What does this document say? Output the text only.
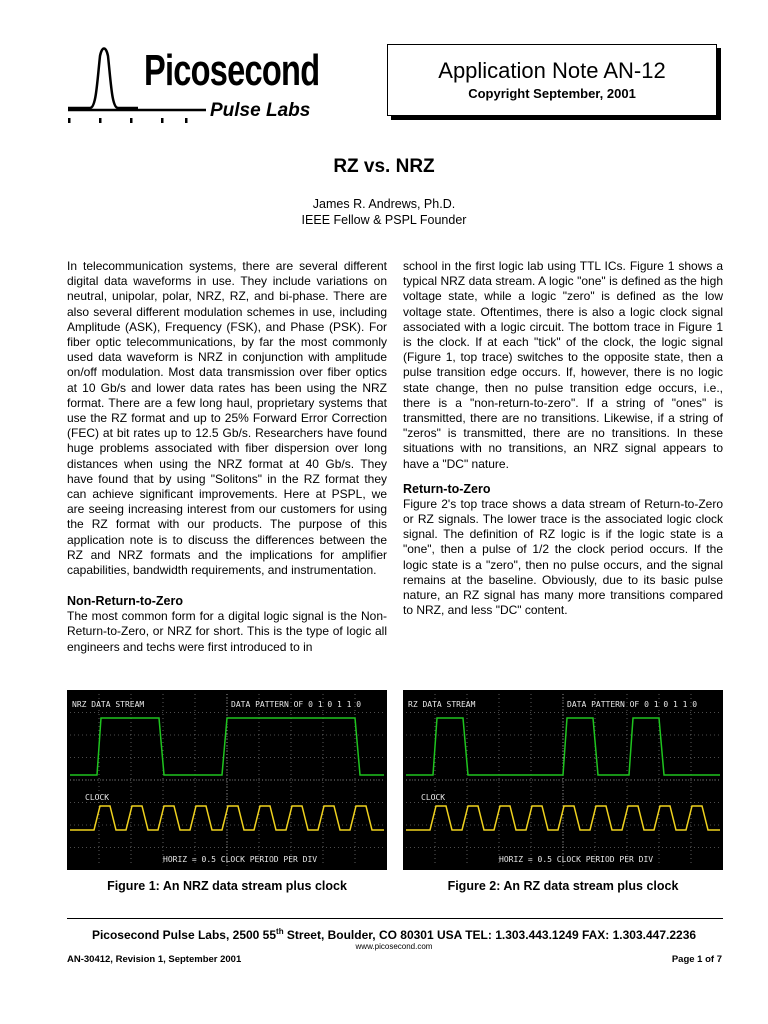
Picosecond
Pulse Labs
Application Note AN-12
Copyright September, 2001
RZ vs. NRZ
James R. Andrews, Ph.D.
IEEE Fellow & PSPL Founder

In telecommunication systems, there are several different digital data waveforms in use. They include variations on neutral, unipolar, polar, NRZ, RZ, and bi-phase. There are also several different modulation schemes in use, including Amplitude (ASK), Frequency (FSK), and Phase (PSK). For fiber optic telecommunications, by far the most commonly used data waveform is NRZ in conjunction with amplitude on/off modulation. Most data transmission over fiber optics at 10 Gb/s and lower data rates has been using the NRZ format. There are a few long haul, proprietary systems that use the RZ format and up to 25% Forward Error Correction (FEC) at bit rates up to 12.5 Gb/s. Researchers have found huge problems associated with fiber dispersion over long distances when using the NRZ format at 40 Gb/s. They have found that by using "Solitons" in the RZ format they can achieve significant improvements. Here at PSPL, we are seeing increasing interest from our customers for using the RZ format with our products. The purpose of this application note is to discuss the differences between the RZ and NRZ formats and the implications for amplifier capabilities, bandwidth requirements, and instrumentation.

Non-Return-to-Zero

The most common form for a digital logic signal is the Non-Return-to-Zero, or NRZ for short. This is the type of logic all engineers and techs were first introduced to in

school in the first logic lab using TTL ICs. Figure 1 shows a typical NRZ data stream. A logic "one" is defined as the high voltage state, while a logic "zero" is defined as the low voltage state. Oftentimes, there is also a logic clock signal associated with a logic circuit. The bottom trace in Figure 1 is the clock. If at each "tick" of the clock, the logic signal (Figure 1, top trace) switches to the opposite state, then a pulse transition edge occurs. If, however, there is no logic state change, then no pulse transition edge occurs, i.e., there is a "non-return-to-zero". If a string of "ones" is transmitted, there are no transitions. Likewise, if a string of "zeros" is transmitted, there are no transitions. In these situations with no transitions, an NRZ signal appears to have a "DC" nature.

Return-to-Zero

Figure 2's top trace shows a data stream of Return-to-Zero or RZ signals. The lower trace is the associated logic clock signal. The definition of RZ logic is if the logic state is a "one", then a pulse of 1/2 the clock period occurs. If the logic state is a "zero", then no pulse occurs, and the signal remains at the baseline. Obviously, due to its basic pulse nature, an RZ signal has many more transitions compared to NRZ, and less "DC" content.

NRZ DATA STREAM	DATA PATTERN OF 0 1 0 1 1 0
CLOCK
HORIZ = 0.5 CLOCK PERIOD PER DIV
RZ DATA STREAM	DATA PATTERN OF 0 1 0 1 1 0
CLOCK
HORIZ = 0.5 CLOCK PERIOD PER DIV
Figure 1: An NRZ data stream plus clock	Figure 2: An RZ data stream plus clock
Picosecond Pulse Labs, 2500 55th Street, Boulder, CO 80301 USA TEL: 1.303.443.1249 FAX: 1.303.447.2236
www.picosecond.com
AN-30412, Revision 1, September 2001	Page 1 of 7
